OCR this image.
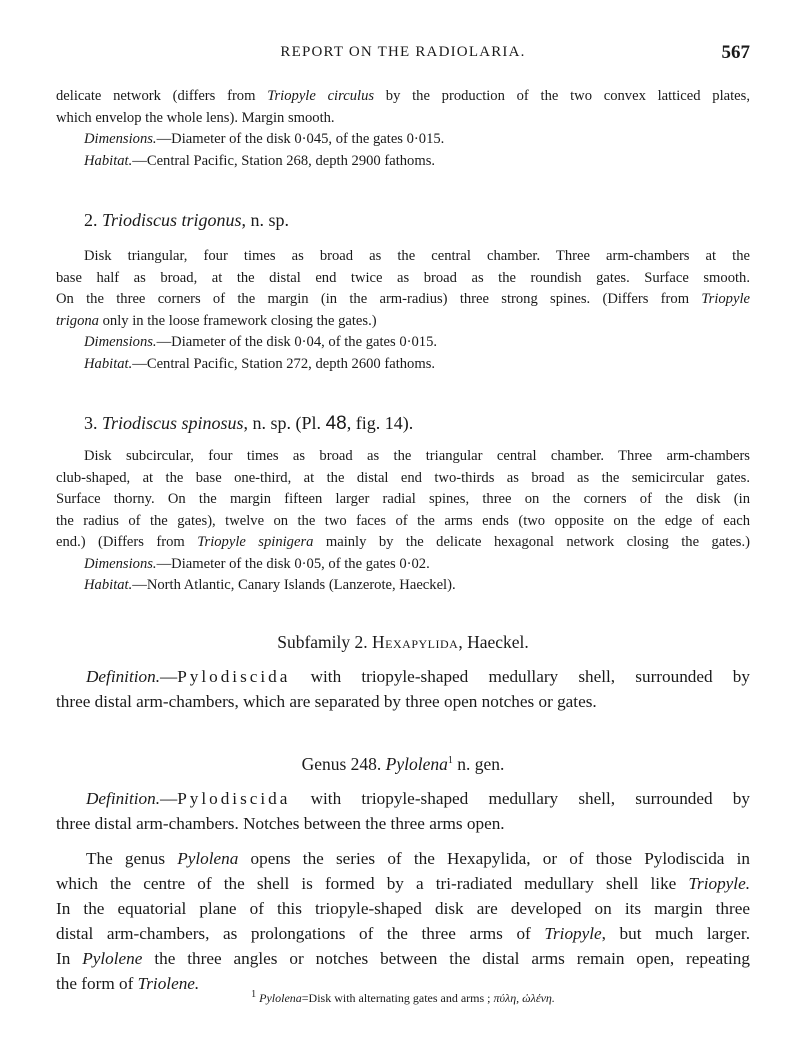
REPORT ON THE RADIOLARIA.	567
delicate network (differs from Triopyle circulus by the production of the two convex latticed plates,
which envelop the whole lens). Margin smooth.
Dimensions.—Diameter of the disk 0·045, of the gates 0·015.
Habitat.—Central Pacific, Station 268, depth 2900 fathoms.
2. Triodiscus trigonus, n. sp.
Disk triangular, four times as broad as the central chamber. Three arm-chambers at the
base half as broad, at the distal end twice as broad as the roundish gates. Surface smooth.
On the three corners of the margin (in the arm-radius) three strong spines. (Differs from Triopyle
trigona only in the loose framework closing the gates.)
Dimensions.—Diameter of the disk 0·04, of the gates 0·015.
Habitat.—Central Pacific, Station 272, depth 2600 fathoms.
3. Triodiscus spinosus, n. sp. (Pl. 48, fig. 14).
Disk subcircular, four times as broad as the triangular central chamber. Three arm-chambers
club-shaped, at the base one-third, at the distal end two-thirds as broad as the semicircular gates.
Surface thorny. On the margin fifteen larger radial spines, three on the corners of the disk (in
the radius of the gates), twelve on the two faces of the arms ends (two opposite on the edge of each
end.) (Differs from Triopyle spinigera mainly by the delicate hexagonal network closing the gates.)
Dimensions.—Diameter of the disk 0·05, of the gates 0·02.
Habitat.—North Atlantic, Canary Islands (Lanzerote, Haeckel).
Subfamily 2. Hexapylida, Haeckel.
Definition.—Pylodiscida with triopyle-shaped medullary shell, surrounded by
three distal arm-chambers, which are separated by three open notches or gates.
Genus 248. Pylolena$^1$ n. gen.
Definition.—Pylodiscida with triopyle-shaped medullary shell, surrounded by
three distal arm-chambers. Notches between the three arms open.
The genus Pylolena opens the series of the Hexapylida, or of those Pylodiscida in
which the centre of the shell is formed by a tri-radiated medullary shell like Triopyle.
In the equatorial plane of this triopyle-shaped disk are developed on its margin three
distal arm-chambers, as prolongations of the three arms of Triopyle, but much larger.
In Pylolene the three angles or notches between the distal arms remain open, repeating
the form of Triolene.
$^1$ Pylolena=Disk with alternating gates and arms ; πύλη, ὠλένη.
